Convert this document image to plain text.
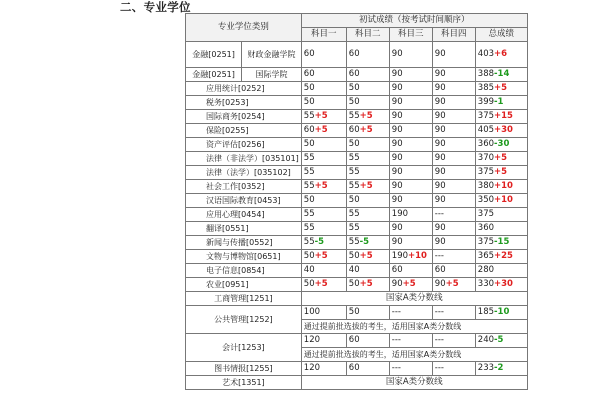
二、专业学位
专业学位类别		初试成绩（按考试时间顺序）				
		科目一	科目二	科目三	科目四	总成绩
金融[0251]	财政金融学院	60	60	90	90	403+6
金融[0251]	国际学院	60	60	90	90	388-14
应用统计[0252]		50	50	90	90	385+5
税务[0253]		50	50	90	90	399-1
国际商务[0254]		55+5	55+5	90	90	375+15
保险[0255]		60+5	60+5	90	90	405+30
资产评估[0256]		50	50	90	90	360-30
法律（非法学）[035101]		55	55	90	90	370+5
法律（法学）[035102]		55	55	90	90	375+5
社会工作[0352]		55+5	55+5	90	90	380+10
汉语国际教育[0453]		50	50	90	90	350+10
应用心理[0454]		55	55	190	---	375
翻译[0551]		55	55	90	90	360
新闻与传播[0552]		55-5	55-5	90	90	375-15
文物与博物馆[0651]		50+5	50+5	190+10	---	365+25
电子信息[0854]		40	40	60	60	280
农业[0951]		50+5	50+5	90+5	90+5	330+30
工商管理[1251]		国家A类分数线				
公共管理[1252]		100	50	---	---	185-10
		通过提前批选拔的考生，适用国家A类分数线				
会计[1253]		120	60	---	---	240-5
		通过提前批选拔的考生，适用国家A类分数线				
图书情报[1255]		120	60	---	---	233-2
艺术[1351]		国家A类分数线				
